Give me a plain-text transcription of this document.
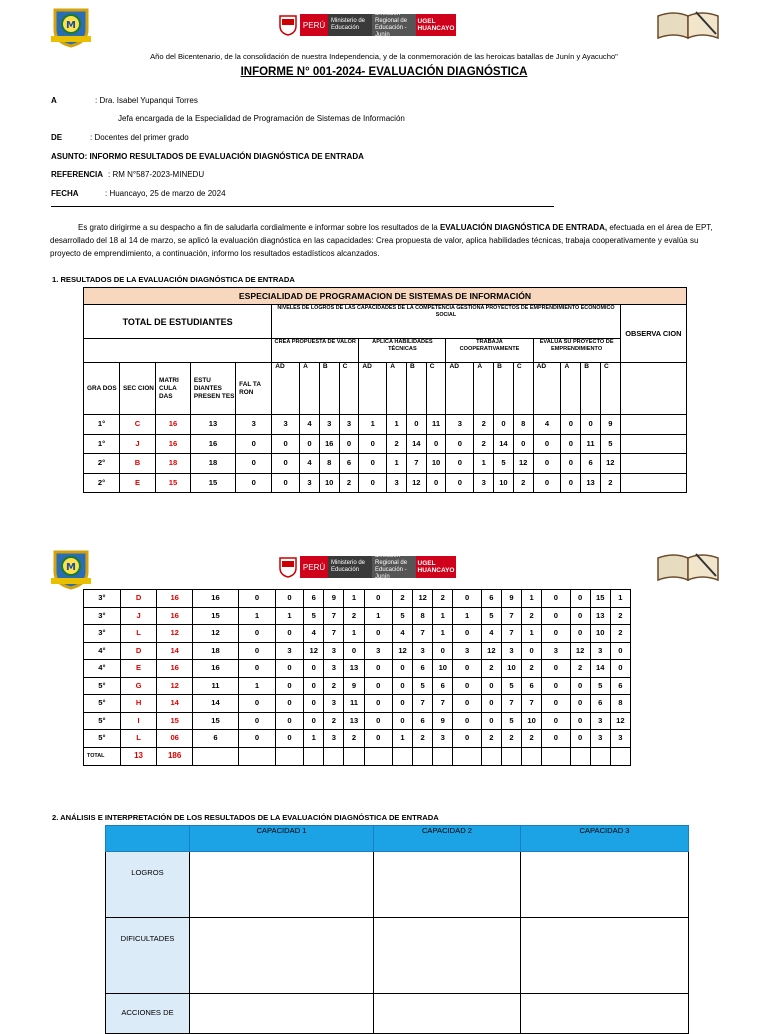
M	PERÚ Ministerio de Educación
Dirección Regional de Educación - Junín
UGEL HUANCAYO
Año del Bicentenario, de la consolidación de nuestra Independencia, y de la conmemoración de las heroicas batallas de Junín y Ayacucho"
INFORME N° 001-2024- EVALUACIÓN DIAGNÓSTICA
A	: Dra. Isabel Yupanqui Torres
Jefa encargada de la Especialidad de Programación de Sistemas de Información
DE	: Docentes del primer grado
ASUNTO: INFORMO RESULTADOS DE EVALUACIÓN DIAGNÓSTICA DE ENTRADA
REFERENCIA : RM N°587-2023-MINEDU
FECHA	: Huancayo, 25 de marzo de 2024
Es grato dirigirme a su despacho a fin de saludarla cordialmente e informar sobre los resultados de la EVALUACIÓN DIAGNÓSTICA DE ENTRADA, efectuada en el área de EPT, desarrollado del 18 al 14 de marzo, se aplicó la evaluación diagnóstica en las capacidades: Crea propuesta de valor, aplica habilidades técnicas, trabaja cooperativamente y evalúa su proyecto de emprendimiento, a continuación, informo los resultados estadísticos alcanzados.
1. RESULTADOS DE LA EVALUACIÓN DIAGNÓSTICA DE ENTRADA
ESPECIALIDAD DE PROGRAMACION DE SISTEMAS DE INFORMACIÓN																					
TOTAL DE ESTUDIANTES					NIVELES DE LOGROS DE LAS CAPACIDADES DE LA COMPETENCIA GESTIONA PROYECTOS DE EMPRENDIMIENTO ECONÓMICO SOCIAL																OBSERVA CION
					CREA PROPUESTA DE VALOR				APLICA HABILIDADES TÉCNICAS				TRABAJA COOPERATIVAMENTE				EVALÚA SU PROYECTO DE EMPRENDIMIENTO				
GRA DOS	SEC CION	MATRI CULA DAS	ESTU DIANTES PRESEN TES	FAL TA RON	AD	A	B	C	AD	A	B	C	AD	A	B	C	AD	A	B	C	
1°	C	16	13	3	3	4	3	3	1	1	0	11	3	2	0	8	4	0	0	9	
1°	J	16	16	0	0	0	16	0	0	2	14	0	0	2	14	0	0	0	11	5	
2°	B	18	18	0	0	4	8	6	0	1	7	10	0	1	5	12	0	0	6	12	
2°	E	15	15	0	0	3	10	2	0	3	12	0	0	3	10	2	0	0	13	2	
M	PERÚ Ministerio de Educación
Dirección Regional de Educación - Junín
UGEL HUANCAYO
3°	D	16	16	0	0	6	9	1	0	2	12	2	0	6	9	1	0	0	15	1
3°	J	16	15	1	1	5	7	2	1	5	8	1	1	5	7	2	0	0	13	2
3°	L	12	12	0	0	4	7	1	0	4	7	1	0	4	7	1	0	0	10	2
4°	D	14	18	0	3	12	3	0	3	12	3	0	3	12	3	0	3	12	3	0
4°	E	16	16	0	0	0	3	13	0	0	6	10	0	2	10	2	0	2	14	0
5°	G	12	11	1	0	0	2	9	0	0	5	6	0	0	5	6	0	0	5	6
5°	H	14	14	0	0	0	3	11	0	0	7	7	0	0	7	7	0	0	6	8
5°	I	15	15	0	0	0	2	13	0	0	6	9	0	0	5	10	0	0	3	12
5°	L	06	6	0	0	1	3	2	0	1	2	3	0	2	2	2	0	0	3	3
TOTAL	13	186																		
2. ANÁLISIS E INTERPRETACIÓN DE LOS RESULTADOS DE LA EVALUACIÓN DIAGNÓSTICA DE ENTRADA
	CAPACIDAD 1	CAPACIDAD 2	CAPACIDAD 3
LOGROS			
DIFICULTADES			
ACCIONES DE			
